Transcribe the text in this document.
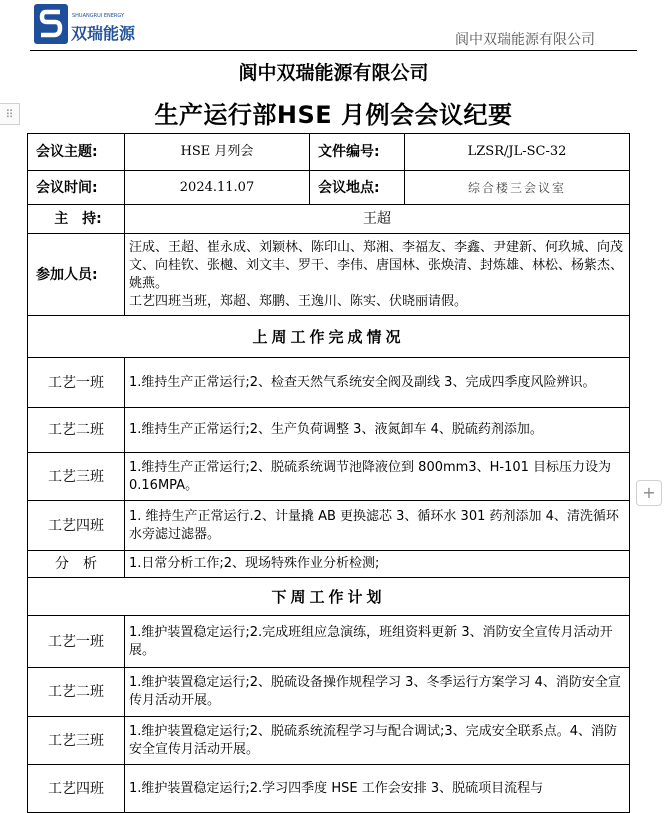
SHUANGRUI ENERGY
双瑞能源	阆中双瑞能源有限公司
阆中双瑞能源有限公司
生产运行部HSE 月例会会议纪要
⠿
+
会议主题:	HSE 月列会	文件编号:	LZSR/JL-SC-32
会议时间:	2024.11.07	会议地点:	综合楼三会议室
主　持:	王超		
参加人员:	汪成、王超、崔永成、刘颖林、陈印山、郑湘、李福友、李鑫、尹建新、何玖城、向茂文、向桂钦、张樾、刘文丰、罗干、李伟、唐国林、张焕清、封炼雄、林松、杨紫杰、姚燕。
工艺四班当班，郑超、郑鹏、王逸川、陈实、伏晓丽请假。		

上周工作完成情况			
工艺一班	1.维持生产正常运行;2、检查天然气系统安全阀及副线 3、完成四季度风险辨识。		
工艺二班	1.维持生产正常运行;2、生产负荷调整 3、液氮卸车 4、脱硫药剂添加。		
工艺三班	1.维持生产正常运行;2、脱硫系统调节池降液位到 800mm3、H-101 目标压力设为 0.16MPA。		
工艺四班	1. 维持生产正常运行.2、计量撬 AB 更换滤芯 3、循环水 301 药剂添加 4、清洗循环水旁滤过滤器。		
分　析	1.日常分析工作;2、现场特殊作业分析检测;		
下周工作计划			
工艺一班	1.维护装置稳定运行;2.完成班组应急演练，班组资料更新 3、消防安全宣传月活动开展。		
工艺二班	1.维护装置稳定运行;2、脱硫设备操作规程学习 3、冬季运行方案学习 4、消防安全宣传月活动开展。		
工艺三班	1.维护装置稳定运行;2、脱硫系统流程学习与配合调试;3、完成安全联系点。4、消防安全宣传月活动开展。		
工艺四班	1.维护装置稳定运行;2.学习四季度 HSE 工作会安排 3、脱硫项目流程与		
